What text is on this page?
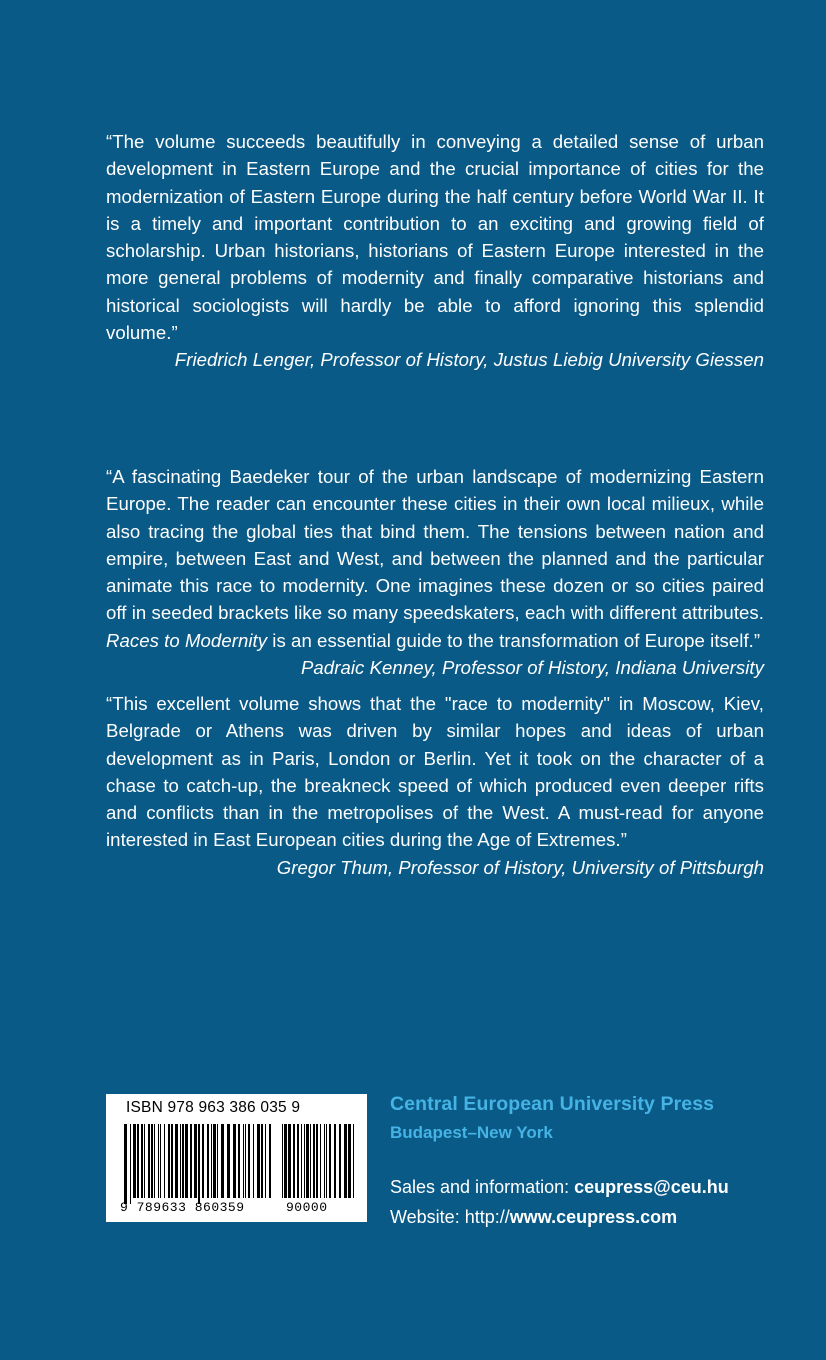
“The volume succeeds beautifully in conveying a detailed sense of urban development in Eastern Europe and the crucial importance of cities for the modernization of Eastern Europe during the half century before World War II. It is a timely and important contribution to an exciting and growing field of scholarship. Urban historians, historians of Eastern Europe interested in the more general problems of modernity and finally comparative historians and historical sociologists will hardly be able to afford ignoring this splendid volume.”

Friedrich Lenger, Professor of History, Justus Liebig University Giessen

“A fascinating Baedeker tour of the urban landscape of modernizing Eastern Europe. The reader can encounter these cities in their own local milieux, while also tracing the global ties that bind them. The tensions between nation and empire, between East and West, and between the planned and the particular animate this race to modernity. One imagines these dozen or so cities paired off in seeded brackets like so many speedskaters, each with different attributes. Races to Modernity is an essential guide to the transformation of Europe itself.”

Padraic Kenney, Professor of History, Indiana University

“This excellent volume shows that the "race to modernity" in Moscow, Kiev, Belgrade or Athens was driven by similar hopes and ideas of urban development as in Paris, London or Berlin. Yet it took on the character of a chase to catch-up, the breakneck speed of which produced even deeper rifts and conflicts than in the metropolises of the West. A must-read for anyone interested in East European cities during the Age of Extremes.”

Gregor Thum, Professor of History, University of Pittsburgh

ISBN 978 963 386 035 9
9 789633 860359	90000
Central European University Press
Budapest–New York
Sales and information: ceupress@ceu.hu
Website: http://www.ceupress.com
